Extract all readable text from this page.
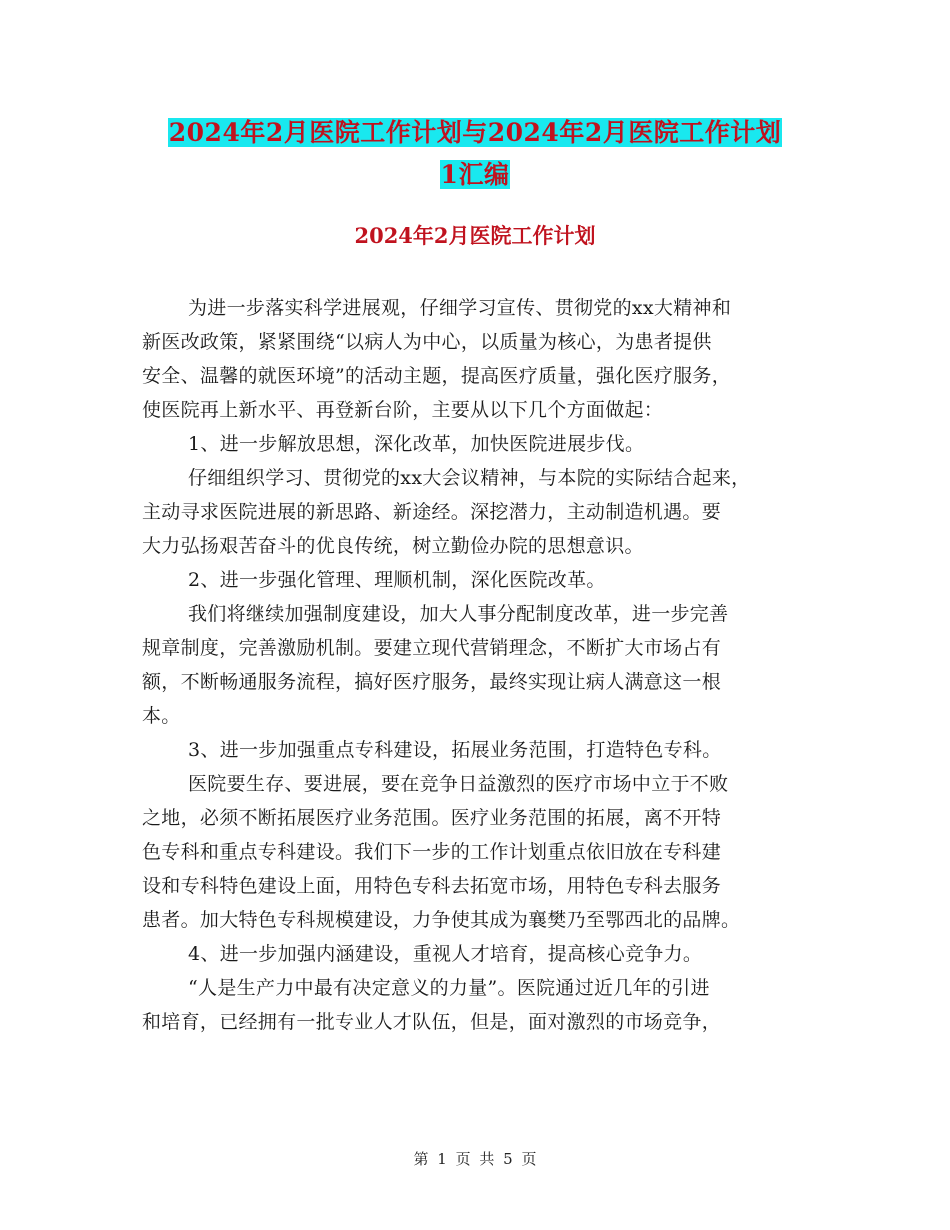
2024年2月医院工作计划与2024年2月医院工作计划
1汇编
2024年2月医院工作计划
为进一步落实科学进展观，仔细学习宣传、贯彻党的xx大精神和
新医改政策，紧紧围绕“以病人为中心，以质量为核心，为患者提供
安全、温馨的就医环境”的活动主题，提高医疗质量，强化医疗服务，
使医院再上新水平、再登新台阶，主要从以下几个方面做起：
1、进一步解放思想，深化改革，加快医院进展步伐。
仔细组织学习、贯彻党的xx大会议精神，与本院的实际结合起来，
主动寻求医院进展的新思路、新途经。深挖潜力，主动制造机遇。要
大力弘扬艰苦奋斗的优良传统，树立勤俭办院的思想意识。
2、进一步强化管理、理顺机制，深化医院改革。
我们将继续加强制度建设，加大人事分配制度改革，进一步完善
规章制度，完善激励机制。要建立现代营销理念，不断扩大市场占有
额，不断畅通服务流程，搞好医疗服务，最终实现让病人满意这一根
本。
3、进一步加强重点专科建设，拓展业务范围，打造特色专科。
医院要生存、要进展，要在竞争日益激烈的医疗市场中立于不败
之地，必须不断拓展医疗业务范围。医疗业务范围的拓展，离不开特
色专科和重点专科建设。我们下一步的工作计划重点依旧放在专科建
设和专科特色建设上面，用特色专科去拓宽市场，用特色专科去服务
患者。加大特色专科规模建设，力争使其成为襄樊乃至鄂西北的品牌。
4、进一步加强内涵建设，重视人才培育，提高核心竞争力。
“人是生产力中最有决定意义的力量”。医院通过近几年的引进
和培育，已经拥有一批专业人才队伍，但是，面对激烈的市场竞争，
第 1 页 共 5 页
